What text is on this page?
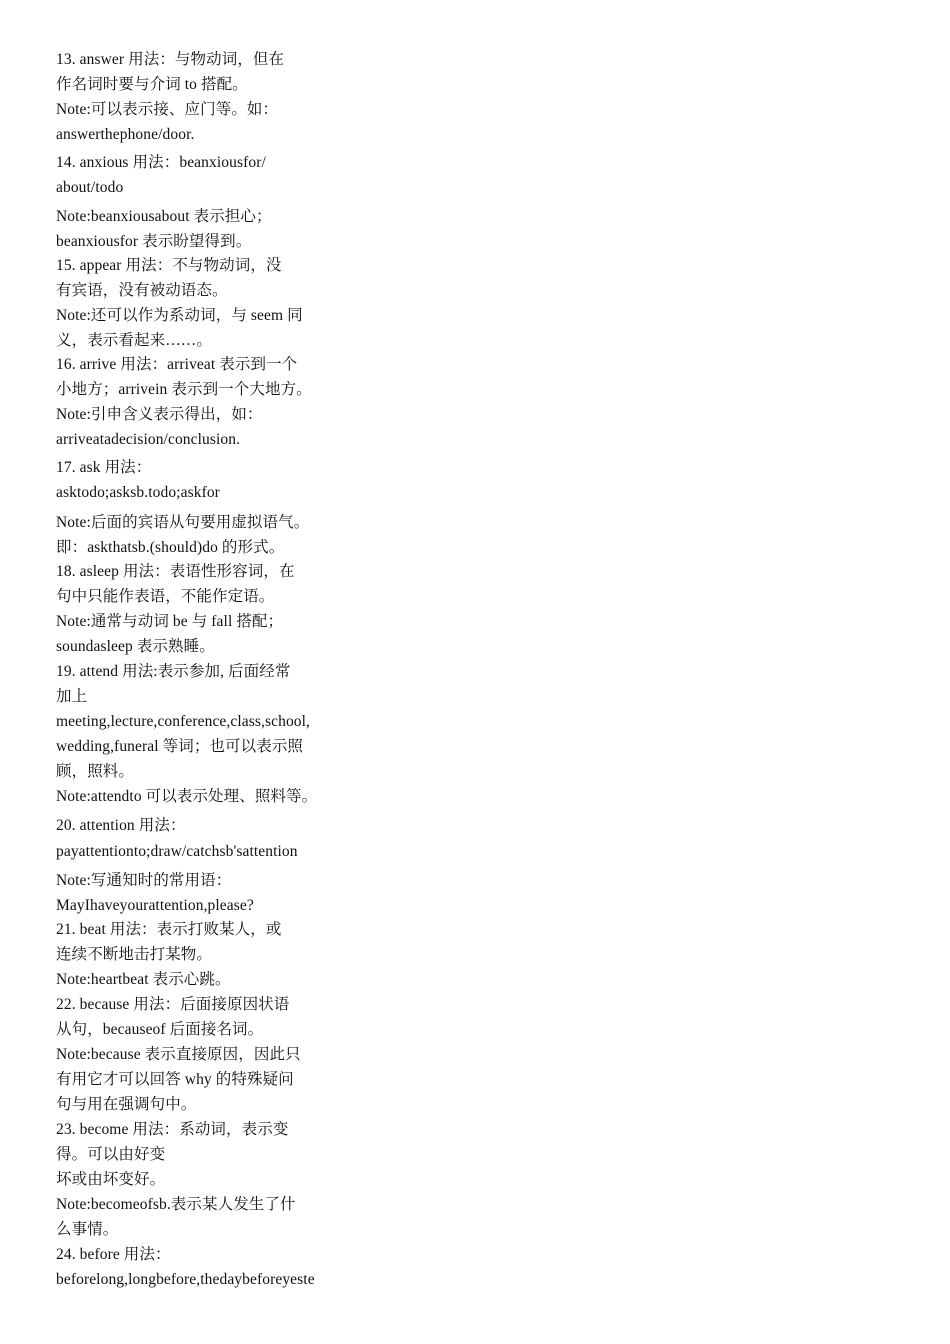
13. answer 用法：与物动词，但在
作名词时要与介词 to 搭配。
Note:可以表示接、应门等。如：
answerthephone/door.
14. anxious 用法：beanxiousfor/
about/todo
Note:beanxiousabout 表示担心；
beanxiousfor 表示盼望得到。
15. appear 用法：不与物动词，没
有宾语，没有被动语态。
Note:还可以作为系动词，与 seem 同
义，表示看起来……。
16. arrive 用法：arriveat 表示到一个
小地方；arrivein 表示到一个大地方。
Note:引申含义表示得出，如：
arriveatadecision/conclusion.
17. ask 用法：
asktodo;asksb.todo;askfor
Note:后面的宾语从句要用虚拟语气。
即：askthatsb.(should)do 的形式。
18. asleep 用法：表语性形容词，在
句中只能作表语，不能作定语。
Note:通常与动词 be 与 fall 搭配；
soundasleep 表示熟睡。
19. attend 用法:表示参加, 后面经常
加上
meeting,lecture,conference,class,school,
wedding,funeral 等词；也可以表示照
顾，照料。
Note:attendto 可以表示处理、照料等。
20. attention 用法：
payattentionto;draw/catchsb'sattention
Note:写通知时的常用语：
MayIhaveyourattention,please?
21. beat 用法：表示打败某人，或
连续不断地击打某物。
Note:heartbeat 表示心跳。
22. because 用法：后面接原因状语
从句，becauseof 后面接名词。
Note:because 表示直接原因，因此只
有用它才可以回答 why 的特殊疑问
句与用在强调句中。
23. become 用法：系动词，表示变
得。可以由好变
坏或由坏变好。
Note:becomeofsb.表示某人发生了什
么事情。
24. before 用法：
beforelong,longbefore,thedaybeforeyeste
